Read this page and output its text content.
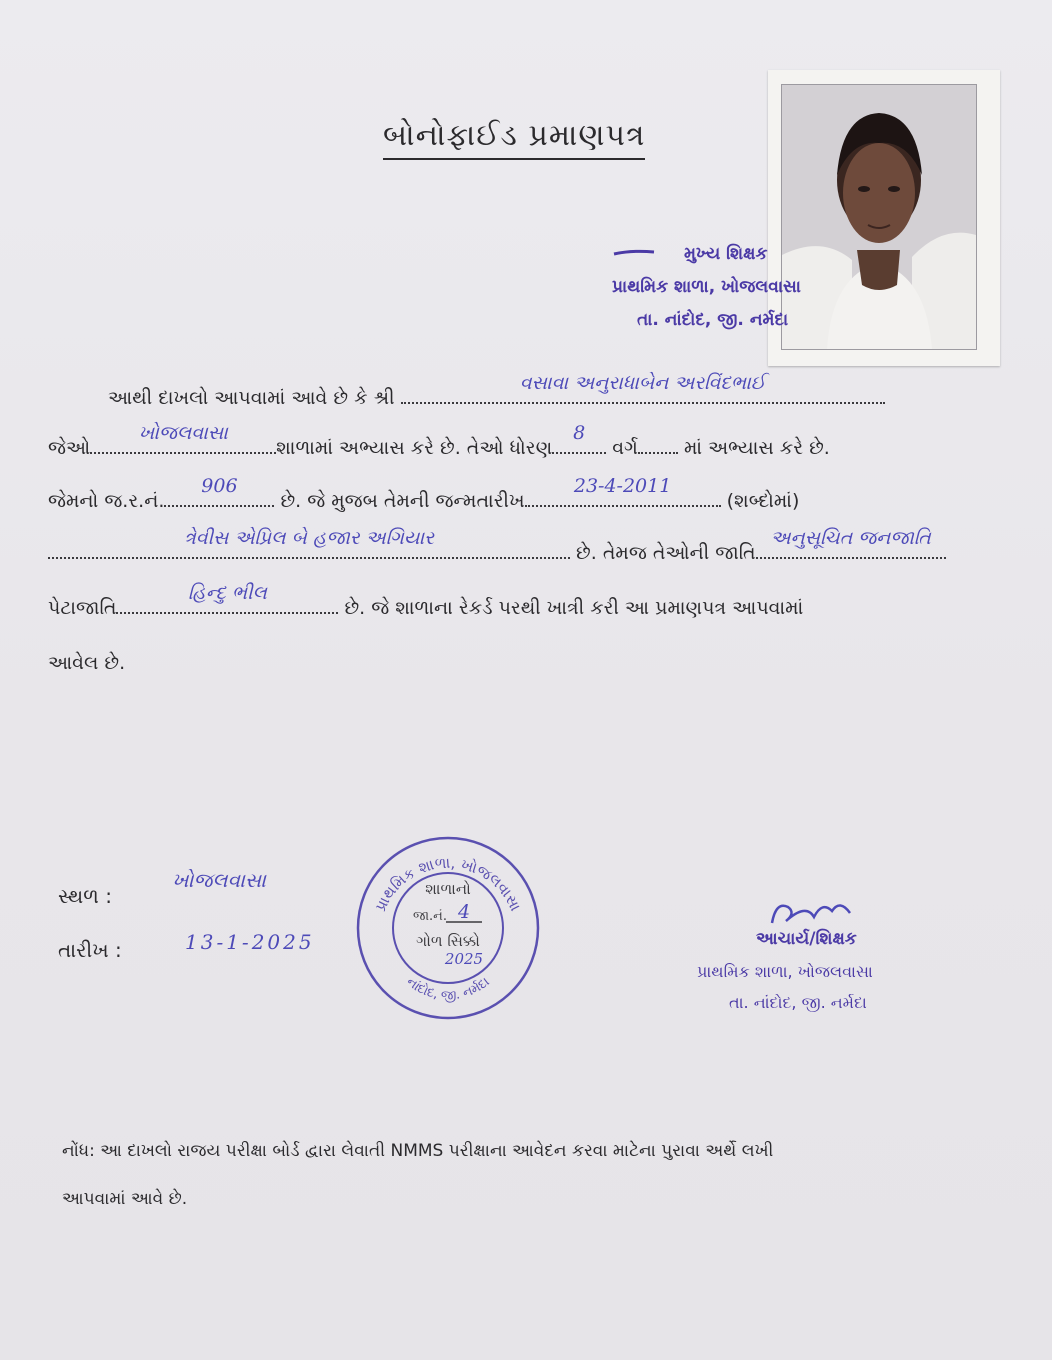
બોનોફાઈડ પ્રમાણપત્ર
મુખ્ય શિક્ષક
પ્રાથમિક શાળા, ખોજલવાસા
તા. નાંદોદ, જી. નર્મદા
આથી દાખલો આપવામાં આવે છે કે શ્રી
વસાવા અનુરાધાબેન અરવિંદભાઈ
જેઓ
ખોજલવાસા
શાળામાં અભ્યાસ કરે છે. તેઓ ધોરણ
8
વર્ગ માં અભ્યાસ કરે છે.
જેમનો જ.ર.નં.
906
છે. જે મુજબ તેમની જન્મતારીખ
23-4-2011
(શબ્દોમાં)
ત્રેવીસ એપ્રિલ બે હજાર અગિયાર
છે. તેમજ તેઓની જાતિ
અનુસૂચિત જનજાતિ
પેટાજાતિ
હિન્દુ ભીલ
છે. જે શાળાના રેકર્ડ પરથી ખાત્રી કરી આ પ્રમાણપત્ર આપવામાં
આવેલ છે.
સ્થળ :
ખોજલવાસા
તારીખ :	13-1-2025
પ્રાથમિક શાળા, ખોજલવાસા
નાંદોદ, જી. નર્મદા
શાળાનો
જા.નં. 4
ગોળ સિક્કો
2025
આચાર્ય/શિક્ષક
પ્રાથમિક શાળા, ખોજલવાસા
તા. નાંદોદ, જી. નર્મદા
નોંધ: આ દાખલો રાજય પરીક્ષા બોર્ડ દ્વારા લેવાતી NMMS પરીક્ષાના આવેદન કરવા માટેના પુરાવા અર્થે લખી
આપવામાં આવે છે.
